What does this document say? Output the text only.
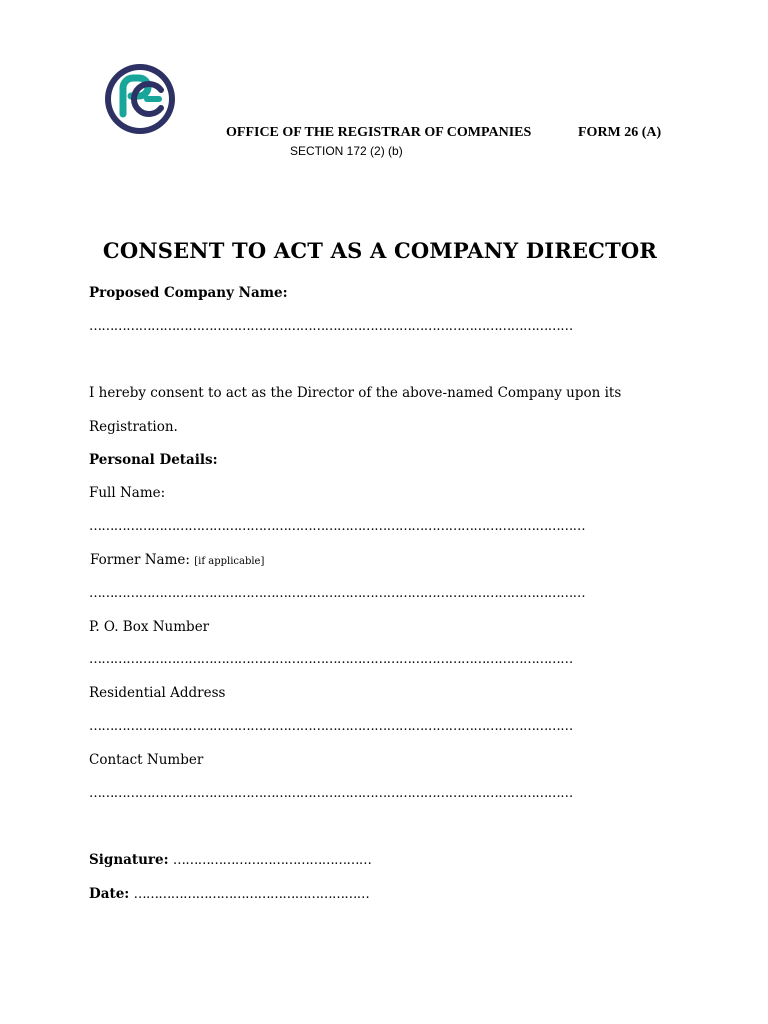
OFFICE OF THE REGISTRAR OF COMPANIES	FORM 26 (A)
SECTION 172 (2) (b)
CONSENT TO ACT AS A COMPANY DIRECTOR
Proposed Company Name:
………………………………………………………………………………………………………
I hereby consent to act as the Director of the above-named Company upon its
Registration.
Personal Details:
Full Name:
…………………………………………………………………………………………………………
Former Name: [if applicable]
…………………………………………………………………………………………………………
P. O. Box Number
………………………………………………………………………………………………………
Residential Address
………………………………………………………………………………………………………
Contact Number
………………………………………………………………………………………………………
Signature: …………………………………………
Date: …………………………………………………
